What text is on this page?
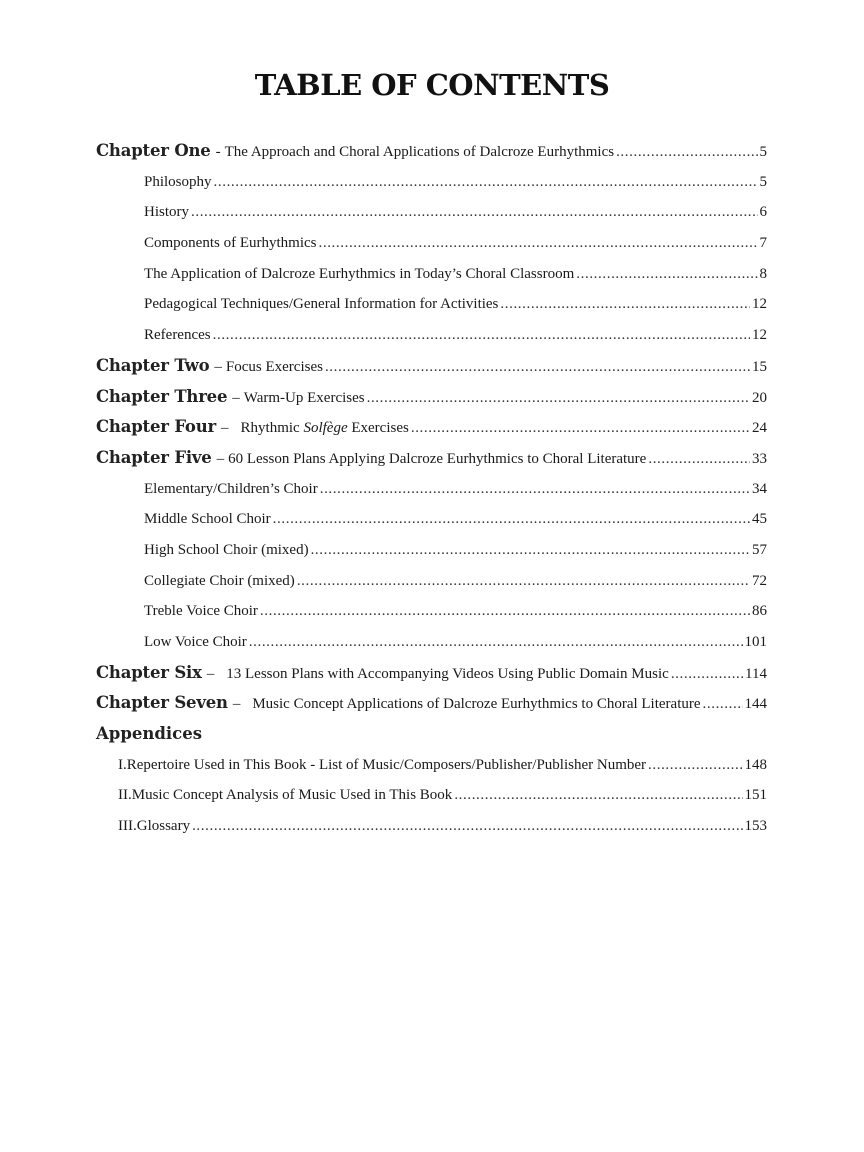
TABLE OF CONTENTS
Chapter One - The Approach and Choral Applications of Dalcroze Eurhythmics .....	5
Philosophy .....	5
History .....	6
Components of Eurhythmics .....	7
The Application of Dalcroze Eurhythmics in Today’s Choral Classroom .....	8
Pedagogical Techniques/General Information for Activities .....	12
References .....	12
Chapter Two – Focus Exercises .....	15
Chapter Three – Warm-Up Exercises .....	20
Chapter Four – Rhythmic Solfège Exercises .....	24
Chapter Five – 60 Lesson Plans Applying Dalcroze Eurhythmics to Choral Literature .....	33
Elementary/Children’s Choir .....	34
Middle School Choir .....	45
High School Choir (mixed) .....	57
Collegiate Choir (mixed) .....	72
Treble Voice Choir .....	86
Low Voice Choir .....	101
Chapter Six – 13 Lesson Plans with Accompanying Videos Using Public Domain Music .....	114
Chapter Seven – Music Concept Applications of Dalcroze Eurhythmics to Choral Literature .....	144
Appendices
I. Repertoire Used in This Book - List of Music/Composers/Publisher/Publisher Number .....	148
II. Music Concept Analysis of Music Used in This Book .....	151
III. Glossary .....	153
